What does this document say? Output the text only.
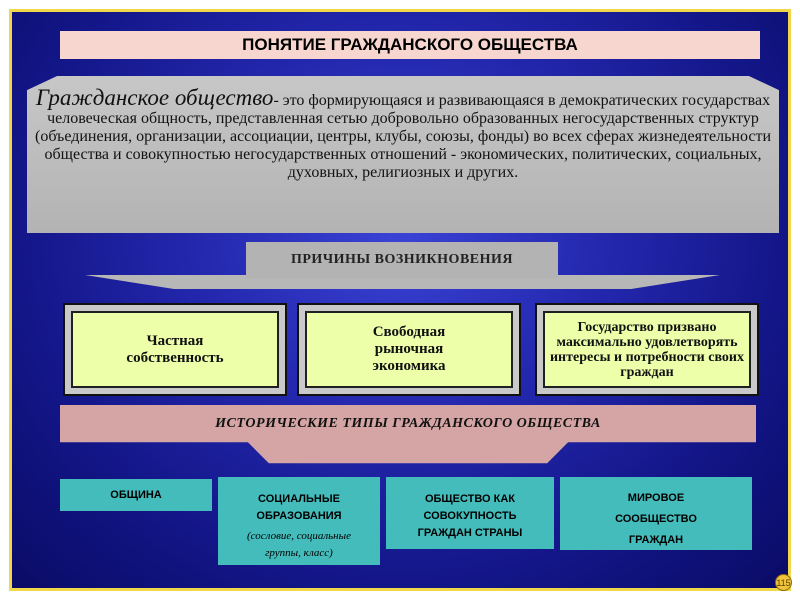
ПОНЯТИЕ ГРАЖДАНСКОГО ОБЩЕСТВА
Гражданское общество- это формирующаяся и развивающаяся в демократических государствах человеческая общность, представленная сетью добровольно образованных негосударственных структур (объединения, организации, ассоциации, центры, клубы, союзы, фонды) во всех сферах жизнедеятельности общества и совокупностью негосударственных отношений - экономических, политических, социальных, духовных, религиозных и других.
ПРИЧИНЫ ВОЗНИКНОВЕНИЯ
Частная собственность
Свободная рыночная экономика
Государство призвано максимально удовлетворять интересы и потребности своих граждан
ИСТОРИЧЕСКИЕ ТИПЫ ГРАЖДАНСКОГО ОБЩЕСТВА
ОБЩИНА	СОЦИАЛЬНЫЕ ОБРАЗОВАНИЯ
(сословие, социальные группы, класс)
ОБЩЕСТВО КАК СОВОКУПНОСТЬ ГРАЖДАН СТРАНЫ
МИРОВОЕ СООБЩЕСТВО ГРАЖДАН
115
